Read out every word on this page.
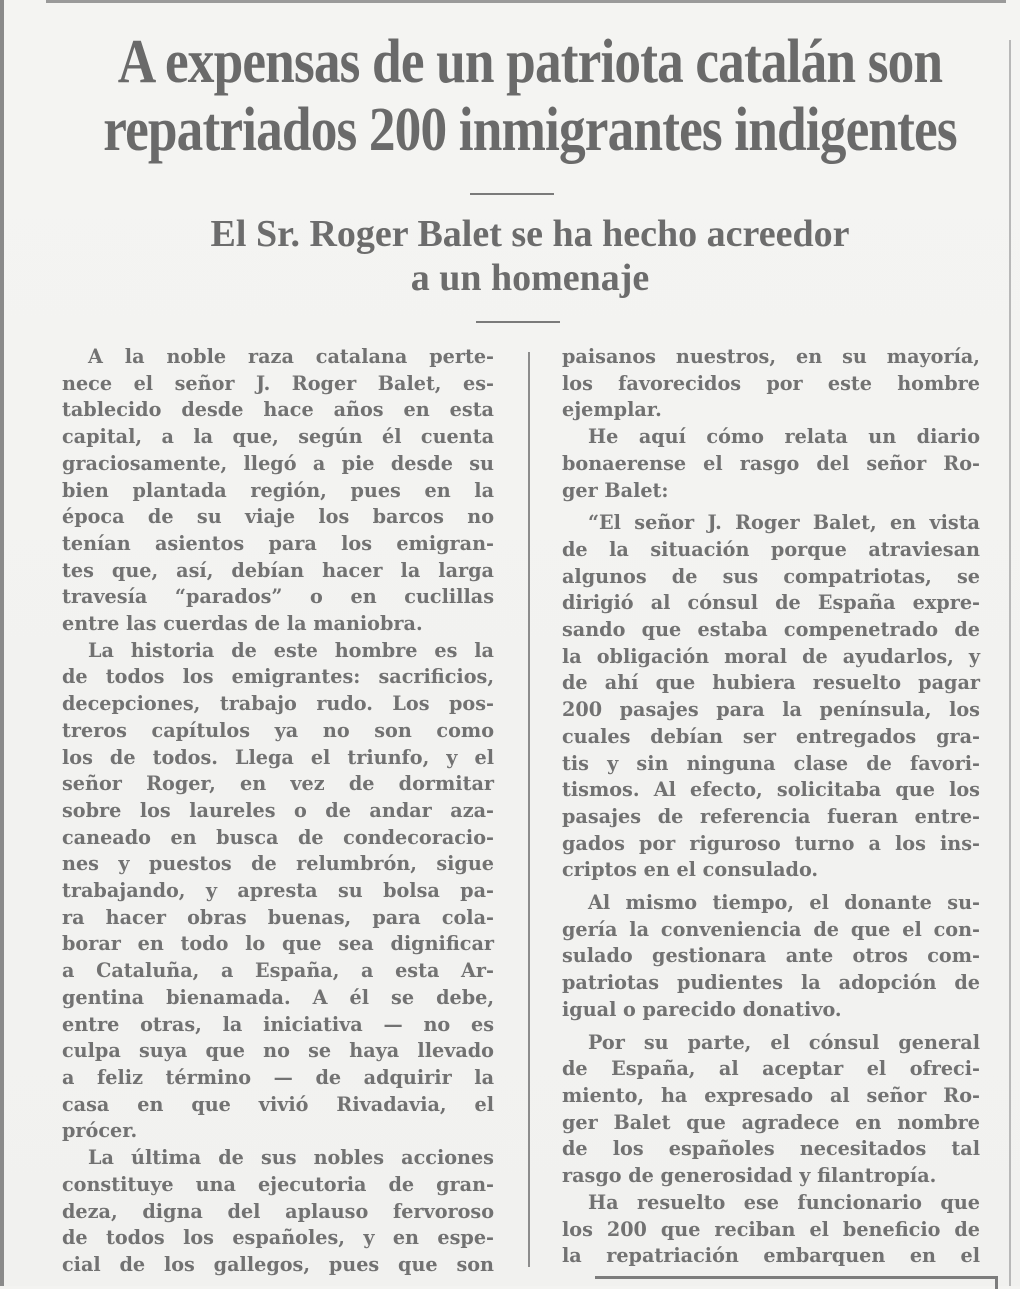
A expensas de un patriota catalán son
repatriados 200 inmigrantes indigentes
El Sr. Roger Balet se ha hecho acreedor
a un homenaje
A la noble raza catalana perte-
nece el señor J. Roger Balet, es-
tablecido desde hace años en esta
capital, a la que, según él cuenta
graciosamente, llegó a pie desde su
bien plantada región, pues en la
época de su viaje los barcos no
tenían asientos para los emigran-
tes que, así, debían hacer la larga
travesía “parados” o en cuclillas
entre las cuerdas de la maniobra.
La historia de este hombre es la
de todos los emigrantes: sacrificios,
decepciones, trabajo rudo. Los pos-
treros capítulos ya no son como
los de todos. Llega el triunfo, y el
señor Roger, en vez de dormitar
sobre los laureles o de andar aza-
caneado en busca de condecoracio-
nes y puestos de relumbrón, sigue
trabajando, y apresta su bolsa pa-
ra hacer obras buenas, para cola-
borar en todo lo que sea dignificar
a Cataluña, a España, a esta Ar-
gentina bienamada. A él se debe,
entre otras, la iniciativa — no es
culpa suya que no se haya llevado
a feliz término — de adquirir la
casa en que vivió Rivadavia, el
prócer.
La última de sus nobles acciones
constituye una ejecutoria de gran-
deza, digna del aplauso fervoroso
de todos los españoles, y en espe-
cial de los gallegos, pues que son
paisanos nuestros, en su mayoría,
los favorecidos por este hombre
ejemplar.
He aquí cómo relata un diario
bonaerense el rasgo del señor Ro-
ger Balet:
“El señor J. Roger Balet, en vista
de la situación porque atraviesan
algunos de sus compatriotas, se
dirigió al cónsul de España expre-
sando que estaba compenetrado de
la obligación moral de ayudarlos, y
de ahí que hubiera resuelto pagar
200 pasajes para la península, los
cuales debían ser entregados gra-
tis y sin ninguna clase de favori-
tismos. Al efecto, solicitaba que los
pasajes de referencia fueran entre-
gados por riguroso turno a los ins-
criptos en el consulado.
Al mismo tiempo, el donante su-
gería la conveniencia de que el con-
sulado gestionara ante otros com-
patriotas pudientes la adopción de
igual o parecido donativo.
Por su parte, el cónsul general
de España, al aceptar el ofreci-
miento, ha expresado al señor Ro-
ger Balet que agradece en nombre
de los españoles necesitados tal
rasgo de generosidad y filantropía.
Ha resuelto ese funcionario que
los 200 que reciban el beneficio de
la repatriación embarquen en el
